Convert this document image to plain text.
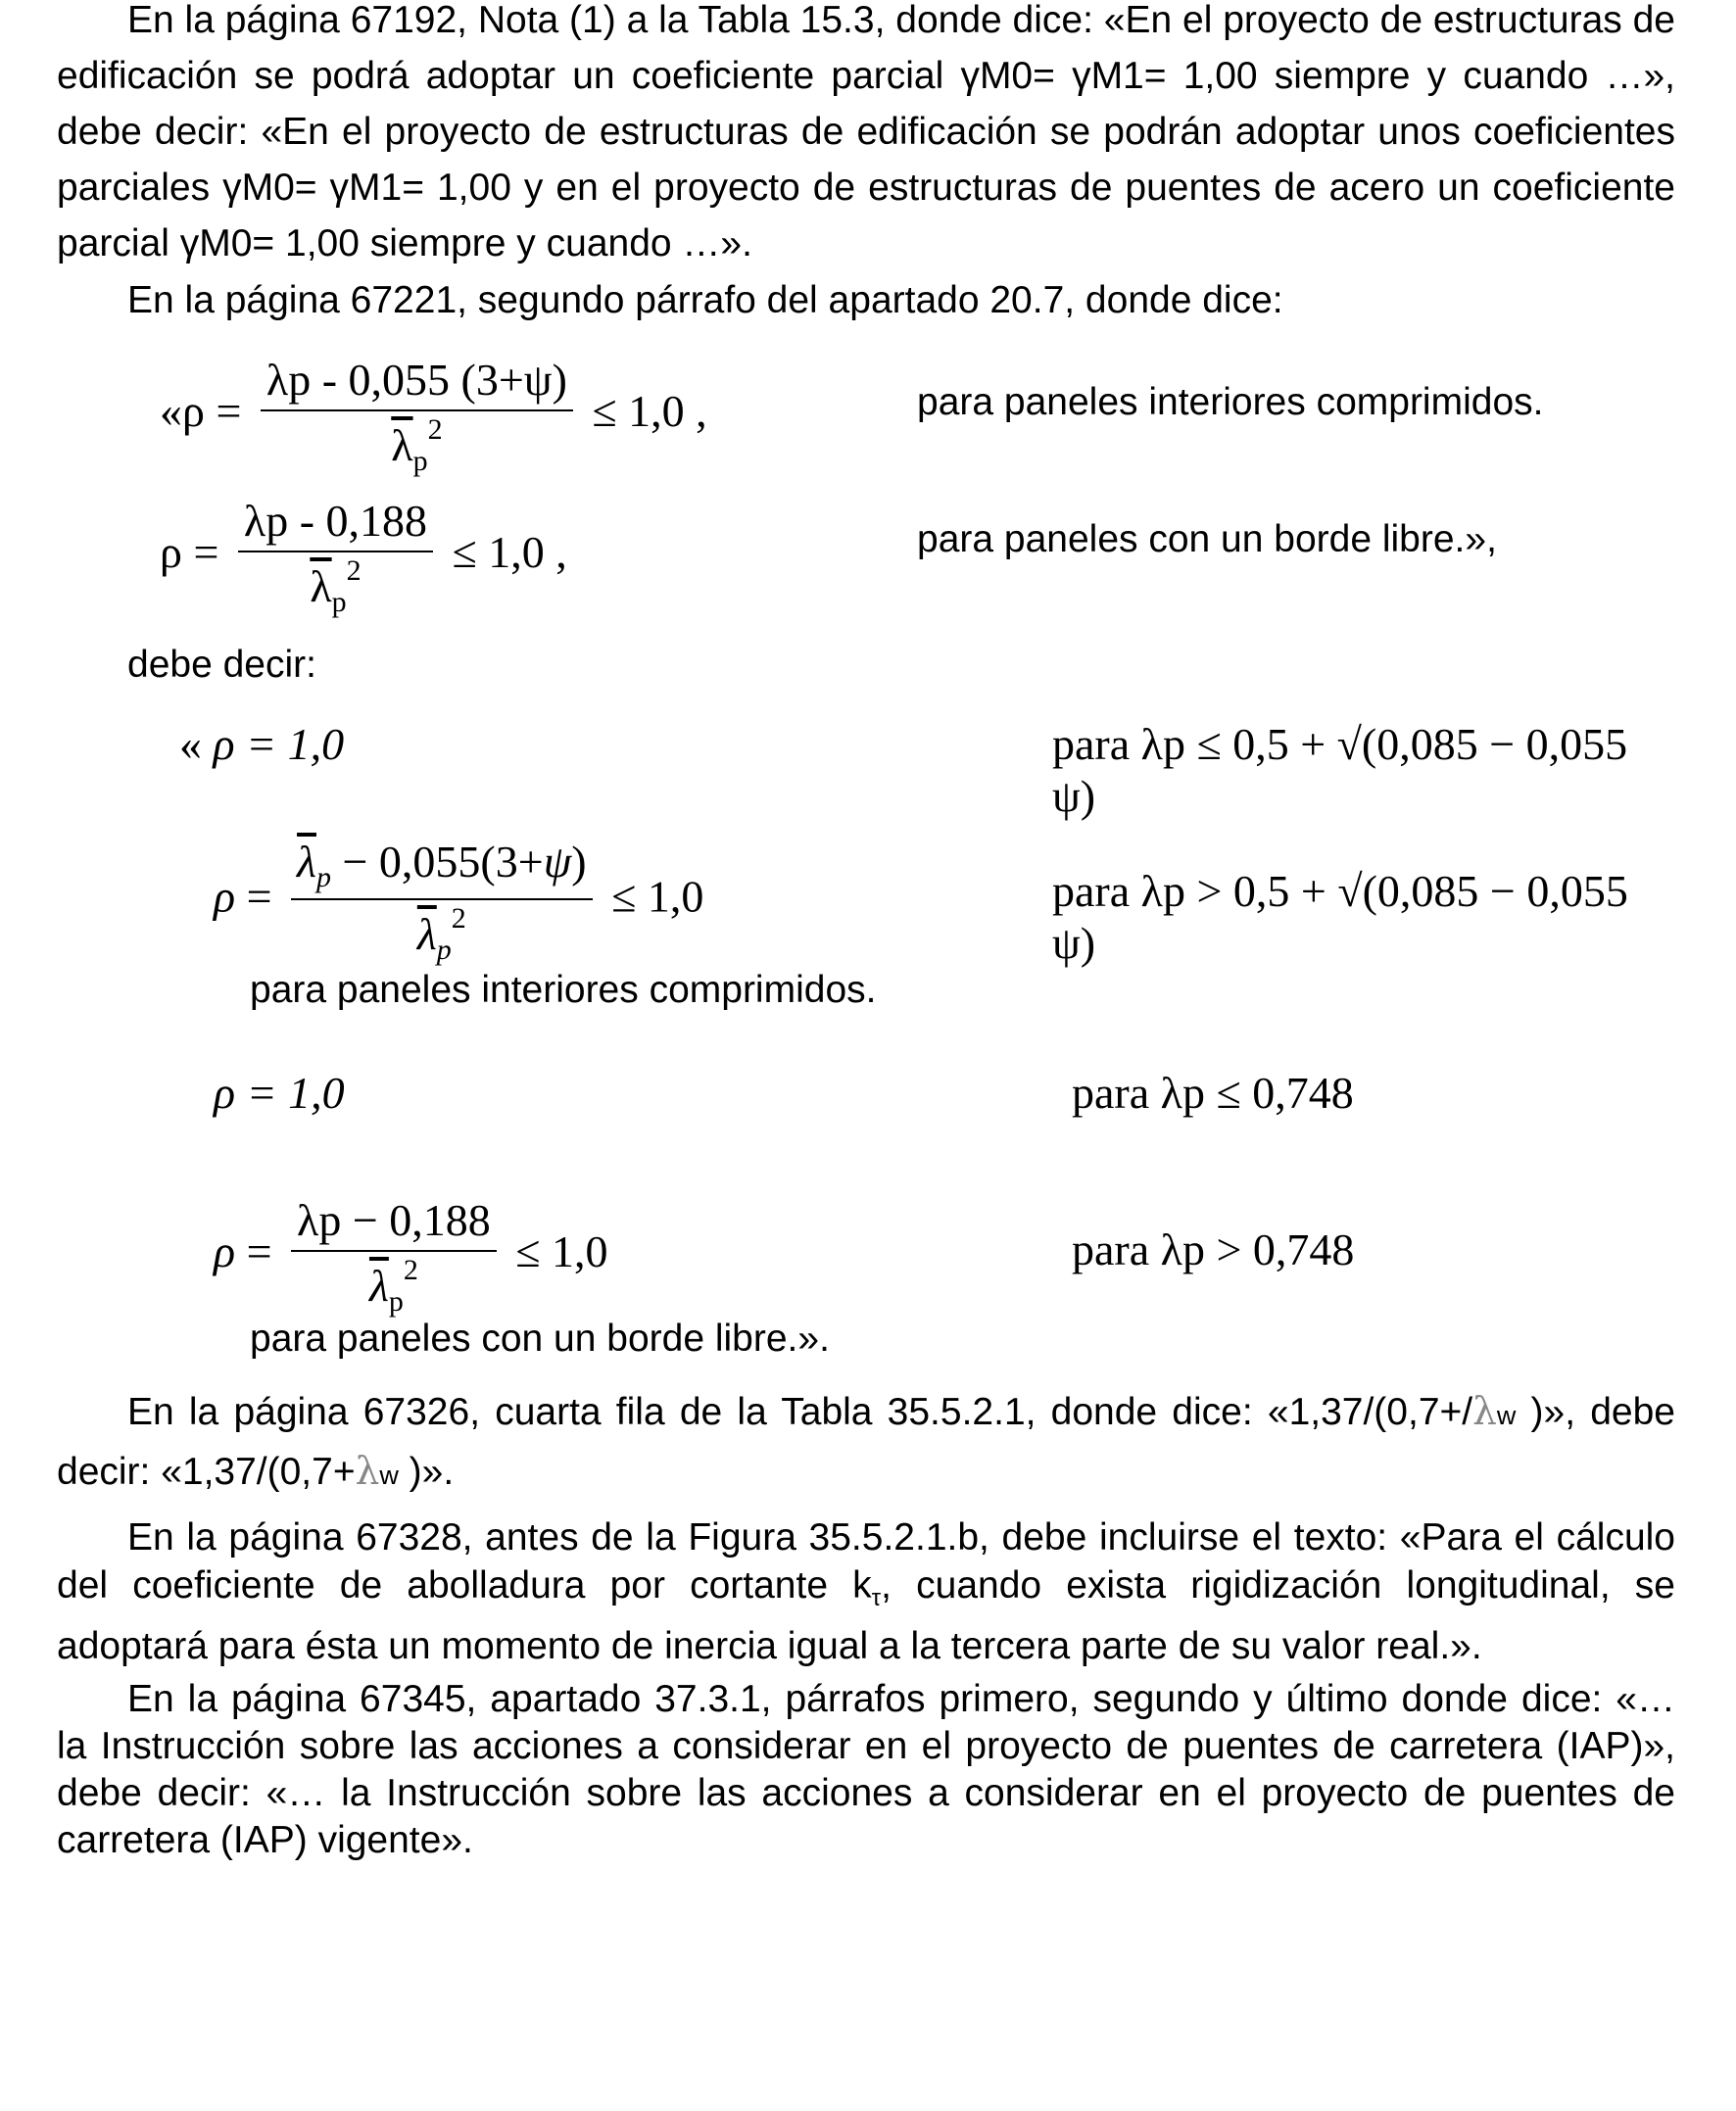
En la página 67192, Nota (1) a la Tabla 15.3, donde dice: «En el proyecto de estructuras de edificación se podrá adoptar un coeficiente parcial γM0= γM1= 1,00 siempre y cuando …», debe decir: «En el proyecto de estructuras de edificación se podrán adoptar unos coeficientes parciales γM0= γM1= 1,00 y en el proyecto de estructuras de puentes de acero un coeficiente parcial γM0= 1,00 siempre y cuando …».

En la página 67221, segundo párrafo del apartado 20.7, donde dice:

«$\rho = \frac{\lambda p - 0,055 (3+\psi)}{\overline{\lambda}_p^2} \le 1,0$ ,	para paneles interiores comprimidos.
$\rho = \frac{\lambda p - 0,188}{\overline{\lambda}_p^2} \le 1,0$ ,	para paneles con un borde libre.»,

debe decir:

« ρ = 1,0	para λp ≤ 0,5 + √(0,085 − 0,055 ψ)
$\rho = \frac{\overline{\lambda}_p - 0,055(3+\psi)}{\overline{\lambda}_p^2} \le 1,0$	para λp > 0,5 + √(0,085 − 0,055 ψ)
para paneles interiores comprimidos.
ρ = 1,0	para λp ≤ 0,748
$\rho = \frac{\lambda p - 0,188}{\overline{\lambda}_p^2} \le 1,0$	para λp > 0,748
para paneles con un borde libre.».

En la página 67326, cuarta fila de la Tabla 35.5.2.1, donde dice: «1,37/(0,7+/λw )», debe decir: «1,37/(0,7+λw )».

En la página 67328, antes de la Figura 35.5.2.1.b, debe incluirse el texto: «Para el cálculo del coeficiente de abolladura por cortante $k_\tau$, cuando exista rigidización longitudinal, se adoptará para ésta un momento de inercia igual a la tercera parte de su valor real.».

En la página 67345, apartado 37.3.1, párrafos primero, segundo y último donde dice: «… la Instrucción sobre las acciones a considerar en el proyecto de puentes de carretera (IAP)», debe decir: «… la Instrucción sobre las acciones a considerar en el proyecto de puentes de carretera (IAP) vigente».
